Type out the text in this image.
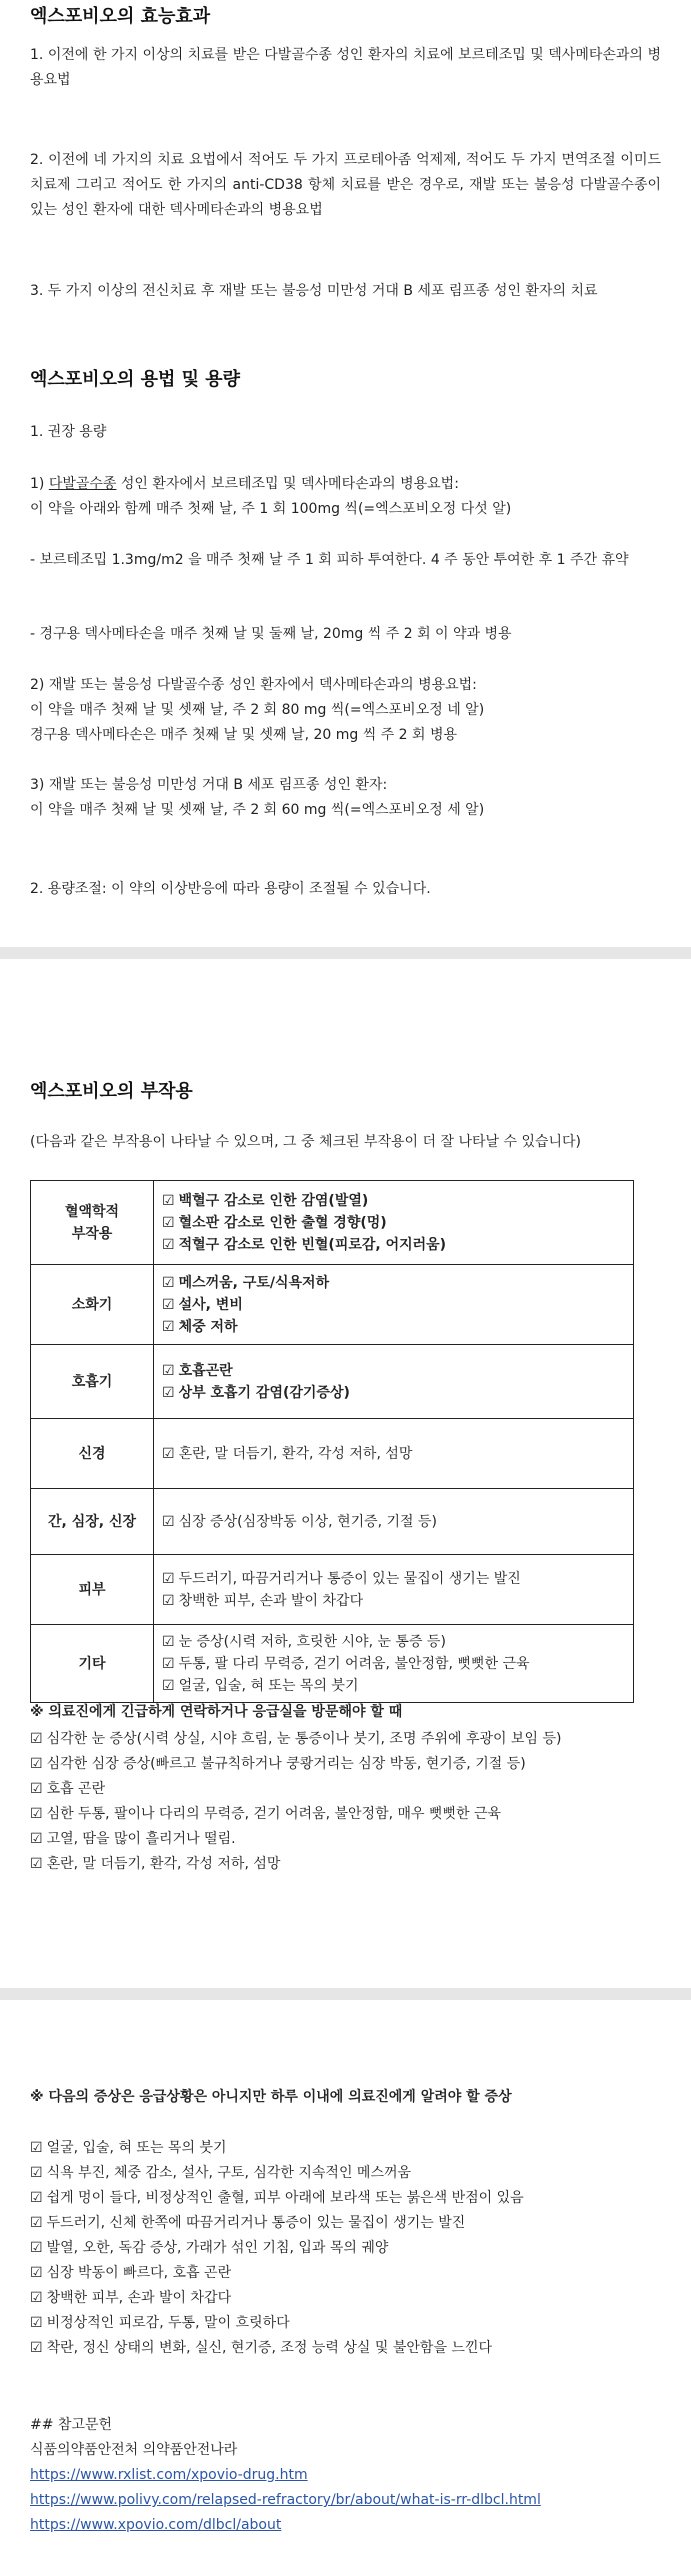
엑스포비오의 효능효과

1. 이전에 한 가지 이상의 치료를 받은 다발골수종 성인 환자의 치료에 보르테조밉 및 덱사메타손과의 병용요법

2. 이전에 네 가지의 치료 요법에서 적어도 두 가지 프로테아좀 억제제, 적어도 두 가지 면역조절 이미드 치료제 그리고 적어도 한 가지의 anti-CD38 항체 치료를 받은 경우로, 재발 또는 불응성 다발골수종이 있는 성인 환자에 대한 덱사메타손과의 병용요법

3. 두 가지 이상의 전신치료 후 재발 또는 불응성 미만성 거대 B 세포 림프종 성인 환자의 치료

엑스포비오의 용법 및 용량

1. 권장 용량

1) 다발골수종 성인 환자에서 보르테조밉 및 덱사메타손과의 병용요법:

이 약을 아래와 함께 매주 첫째 날, 주 1 회 100mg 씩(=엑스포비오정 다섯 알)

- 보르테조밉 1.3mg/m2 을 매주 첫째 날 주 1 회 피하 투여한다. 4 주 동안 투여한 후 1 주간 휴약

- 경구용 덱사메타손을 매주 첫째 날 및 둘째 날, 20mg 씩 주 2 회 이 약과 병용

2) 재발 또는 불응성 다발골수종 성인 환자에서 덱사메타손과의 병용요법:

이 약을 매주 첫째 날 및 셋째 날, 주 2 회 80 mg 씩(=엑스포비오정 네 알)

경구용 덱사메타손은 매주 첫째 날 및 셋째 날, 20 mg 씩 주 2 회 병용

3) 재발 또는 불응성 미만성 거대 B 세포 림프종 성인 환자:

이 약을 매주 첫째 날 및 셋째 날, 주 2 회 60 mg 씩(=엑스포비오정 세 알)

2. 용량조절: 이 약의 이상반응에 따라 용량이 조절될 수 있습니다.

엑스포비오의 부작용

(다음과 같은 부작용이 나타날 수 있으며, 그 중 체크된 부작용이 더 잘 나타날 수 있습니다)

혈액학적 부작용	☑ 백혈구 감소로 인한 감염(발열)
☑ 혈소판 감소로 인한 출혈 경향(멍)
☑ 적혈구 감소로 인한 빈혈(피로감, 어지러움)

소화기	☑ 메스꺼움, 구토/식욕저하
☑ 설사, 변비
☑ 체중 저하

호흡기	☑ 호흡곤란
☑ 상부 호흡기 감염(감기증상)

신경	☑ 혼란, 말 더듬기, 환각, 각성 저하, 섬망

간, 심장, 신장	☑ 심장 증상(심장박동 이상, 현기증, 기절 등)

피부	☑ 두드러기, 따끔거리거나 통증이 있는 물집이 생기는 발진
☑ 창백한 피부, 손과 발이 차갑다

기타	☑ 눈 증상(시력 저하, 흐릿한 시야, 눈 통증 등)
☑ 두통, 팔 다리 무력증, 걷기 어려움, 불안정함, 뻣뻣한 근육
☑ 얼굴, 입술, 혀 또는 목의 붓기

※ 의료진에게 긴급하게 연락하거나 응급실을 방문해야 할 때

☑ 심각한 눈 증상(시력 상실, 시야 흐림, 눈 통증이나 붓기, 조명 주위에 후광이 보임 등)

☑ 심각한 심장 증상(빠르고 불규칙하거나 쿵쾅거리는 심장 박동, 현기증, 기절 등)

☑ 호흡 곤란

☑ 심한 두통, 팔이나 다리의 무력증, 걷기 어려움, 불안정함, 매우 뻣뻣한 근육

☑ 고열, 땀을 많이 흘리거나 떨림.

☑ 혼란, 말 더듬기, 환각, 각성 저하, 섬망

※ 다음의 증상은 응급상황은 아니지만 하루 이내에 의료진에게 알려야 할 증상

☑ 얼굴, 입술, 혀 또는 목의 붓기

☑ 식욕 부진, 체중 감소, 설사, 구토, 심각한 지속적인 메스꺼움

☑ 쉽게 멍이 들다, 비정상적인 출혈, 피부 아래에 보라색 또는 붉은색 반점이 있음

☑ 두드러기, 신체 한쪽에 따끔거리거나 통증이 있는 물집이 생기는 발진

☑ 발열, 오한, 독감 증상, 가래가 섞인 기침, 입과 목의 궤양

☑ 심장 박동이 빠르다, 호흡 곤란

☑ 창백한 피부, 손과 발이 차갑다

☑ 비정상적인 피로감, 두통, 말이 흐릿하다

☑ 착란, 정신 상태의 변화, 실신, 현기증, 조정 능력 상실 및 불안함을 느낀다

## 참고문헌

식품의약품안전처 의약품안전나라

https://www.rxlist.com/xpovio-drug.htm
https://www.polivy.com/relapsed-refractory/br/about/what-is-rr-dlbcl.html
https://www.xpovio.com/dlbcl/about
